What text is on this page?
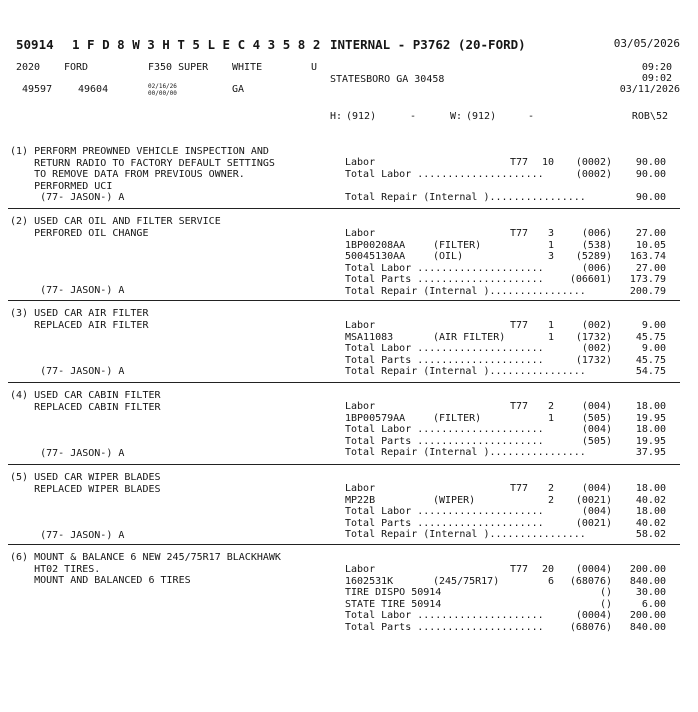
50914 1 F D 8 W 3 H T 5 L E C 4 3 5 8 2 INTERNAL - P3762 (20-FORD)	03/05/2026
2020 FORD	F350 SUPER WHITE	U	09:20
09:02
STATESBORO GA 30458
03/11/2026
49597	49604	02/16/26
00/00/00	GA
H: (912)	-	W: (912)	-	ROB\52
(1) PERFORM PREOWNED VEHICLE INSPECTION AND
RETURN RADIO TO FACTORY DEFAULT SETTINGS
TO REMOVE DATA FROM PREVIOUS OWNER.
PERFORMED UCI
(77- JASON-) A
Labor	T77 10 (0002) 90.00
Total Labor .....................	(0002) 90.00
Total Repair (Internal )................	90.00
(2) USED CAR OIL AND FILTER SERVICE
PERFORED OIL CHANGE
(77- JASON-) A
Labor	T77 3	(006) 27.00
1BP00208AA	(FILTER)	1	(538) 10.05
50045130AA	(OIL)	3 (5289) 163.74
Total Labor .....................	(006) 27.00
Total Parts .....................	(06601) 173.79
Total Repair (Internal )................	200.79
(3) USED CAR AIR FILTER
REPLACED AIR FILTER
(77- JASON-) A
Labor	T77 1	(002)	9.00
MSA11083	(AIR FILTER)	1 (1732) 45.75
Total Labor .....................	(002)	9.00
Total Parts .....................	(1732) 45.75
Total Repair (Internal )................	54.75
(4) USED CAR CABIN FILTER
REPLACED CABIN FILTER
(77- JASON-) A
Labor	T77 2	(004) 18.00
1BP00579AA	(FILTER)	1	(505) 19.95
Total Labor .....................	(004) 18.00
Total Parts .....................	(505) 19.95
Total Repair (Internal )................	37.95
(5) USED CAR WIPER BLADES
REPLACED WIPER BLADES
(77- JASON-) A
Labor	T77 2	(004) 18.00
MP22B	(WIPER)	2 (0021) 40.02
Total Labor .....................	(004) 18.00
Total Parts .....................	(0021) 40.02
Total Repair (Internal )................	58.02
(6) MOUNT & BALANCE 6 NEW 245/75R17 BLACKHAWK
HT02 TIRES.
MOUNT AND BALANCED 6 TIRES
Labor	T77 20 (0004) 200.00
1602531K	(245/75R17)	6 (68076) 840.00
TIRE DISPO 50914	() 30.00
STATE TIRE 50914	()	6.00
Total Labor .....................	(0004) 200.00
Total Parts .....................	(68076) 840.00
